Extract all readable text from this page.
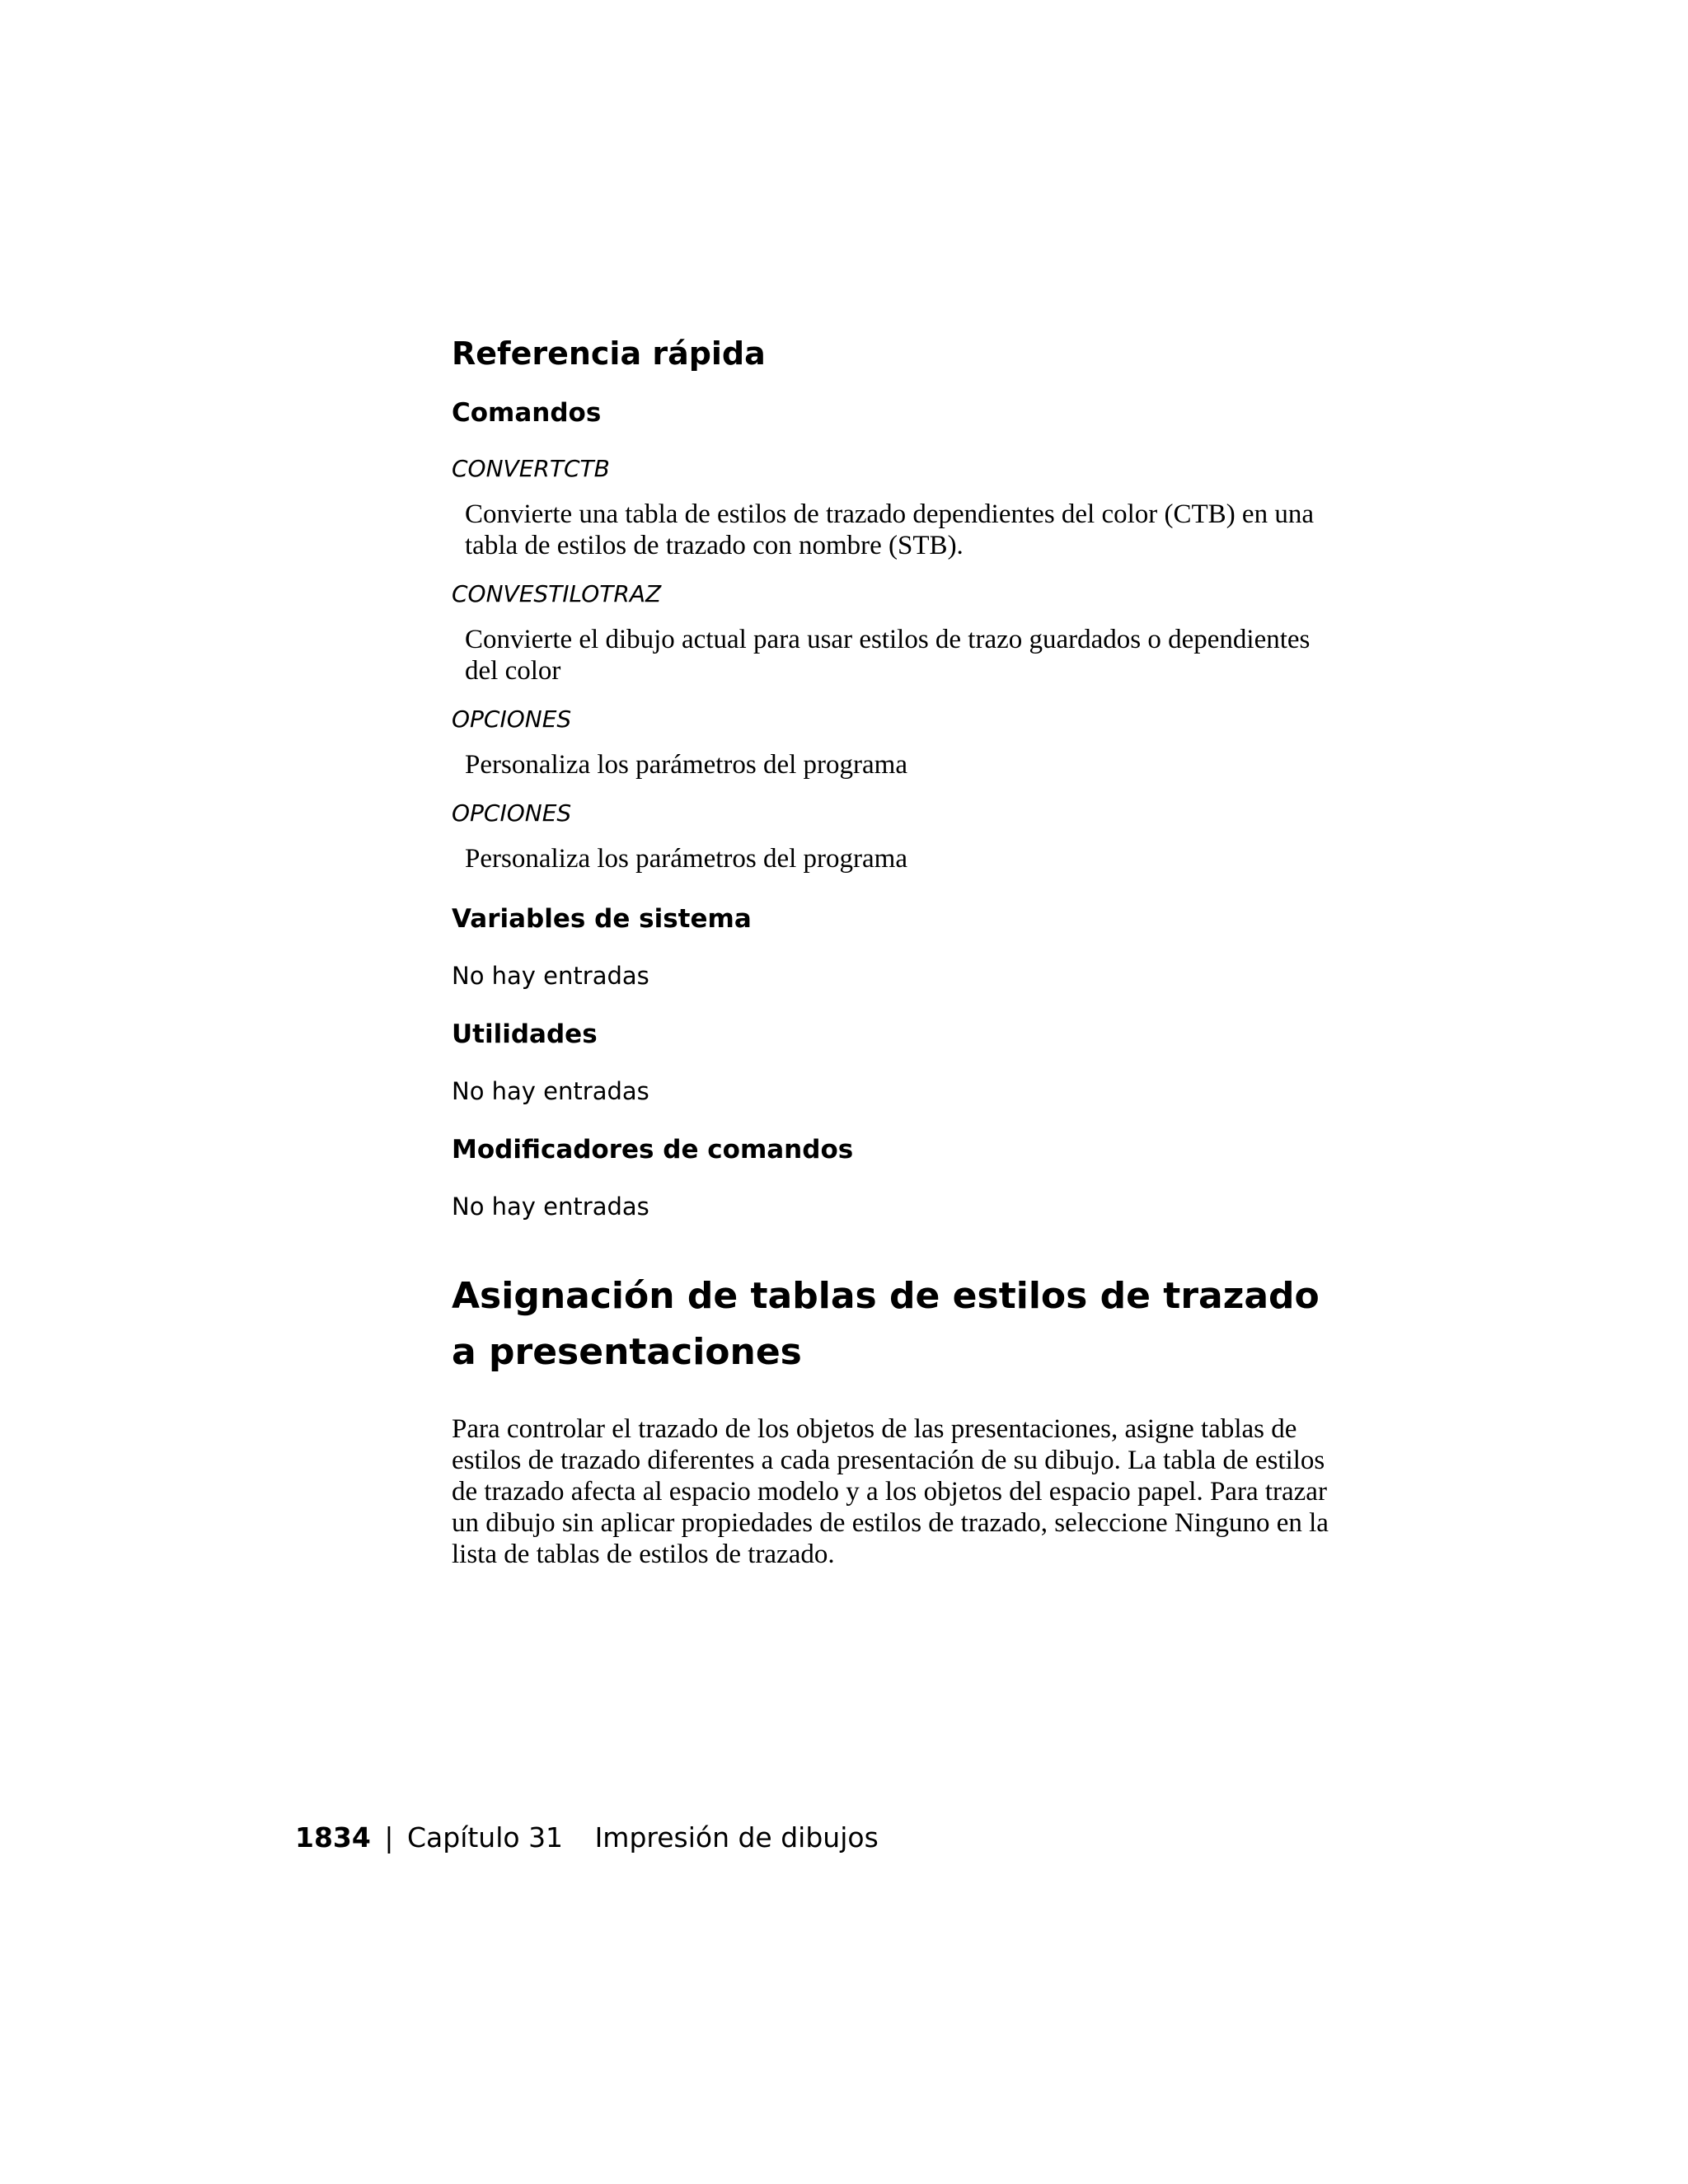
Referencia rápida
Comandos
CONVERTCTB
Convierte una tabla de estilos de trazado dependientes del color (CTB) en una tabla de estilos de trazado con nombre (STB).
CONVESTILOTRAZ
Convierte el dibujo actual para usar estilos de trazo guardados o dependientes del color
OPCIONES
Personaliza los parámetros del programa
OPCIONES
Personaliza los parámetros del programa
Variables de sistema
No hay entradas
Utilidades
No hay entradas
Modificadores de comandos
No hay entradas
Asignación de tablas de estilos de trazado a presentaciones
Para controlar el trazado de los objetos de las presentaciones, asigne tablas de estilos de trazado diferentes a cada presentación de su dibujo. La tabla de estilos de trazado afecta al espacio modelo y a los objetos del espacio papel. Para trazar un dibujo sin aplicar propiedades de estilos de trazado, seleccione Ninguno en la lista de tablas de estilos de trazado.
1834 | Capítulo 31 Impresión de dibujos
